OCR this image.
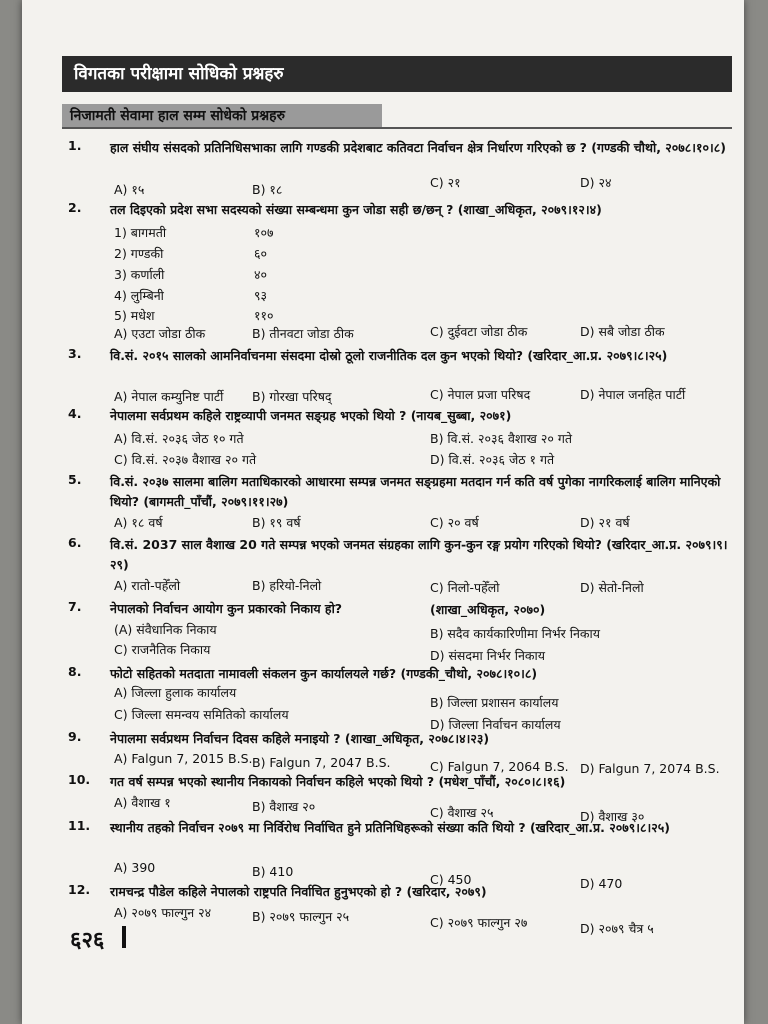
विगतका परीक्षामा सोधिको प्रश्नहरु
निजामती सेवामा हाल सम्म सोधेको प्रश्नहरु
1. हाल संघीय संसदको प्रतिनिधिसभाका लागि गण्डकी प्रदेशबाट कतिवटा निर्वाचन क्षेत्र निर्धारण गरिएको छ ? (गण्डकी चौथो, २०७८।१०।८)
A) १५	B) १८	C) २१	D) २४
2. तल दिइएको प्रदेश सभा सदस्यको संख्या सम्बन्धमा कुन जोडा सही छ/छन् ? (शाखा_अधिकृत, २०७९।१२।४)
1) बागमती	१०७
2) गण्डकी	६०
3) कर्णाली	४०
4) लुम्बिनी	९३
5) मधेश	११०
A) एउटा जोडा ठीक	B) तीनवटा जोडा ठीक	C) दुईवटा जोडा ठीक	D) सबै जोडा ठीक
3. वि.सं. २०१५ सालको आमनिर्वाचनमा संसदमा दोस्रो ठूलो राजनीतिक दल कुन भएको थियो? (खरिदार_आ.प्र. २०७९।८।२५)
A) नेपाल कम्युनिष्ट पार्टी B) गोरखा परिषद्	C) नेपाल प्रजा परिषद	D) नेपाल जनहित पार्टी
4. नेपालमा सर्वप्रथम कहिले राष्ट्रव्यापी जनमत सङ्ग्रह भएको थियो ? (नायब_सुब्बा, २०७१)
A) वि.सं. २०३६ जेठ १० गते	B) वि.सं. २०३६ वैशाख २० गते
C) वि.सं. २०३७ वैशाख २० गते	D) वि.सं. २०३६ जेठ १ गते
5. वि.सं. २०३७ सालमा बालिग मताधिकारको आधारमा सम्पन्न जनमत सङ्ग्रहमा मतदान गर्न कति वर्ष पुगेका नागरिकलाई बालिग मानिएको थियो? (बागमती_पाँचौं, २०७९।११।२७)
A) १८ वर्ष	B) १९ वर्ष	C) २० वर्ष	D) २१ वर्ष
6. वि.सं. 2037 साल वैशाख 20 गते सम्पन्न भएको जनमत संग्रहका लागि कुन-कुन रङ्ग प्रयोग गरिएको थियो? (खरिदार_आ.प्र. २०७९।९।२९)
A) रातो-पहेँलो	B) हरियो-निलो	C) निलो-पहेँलो	D) सेतो-निलो
7. नेपालको निर्वाचन आयोग कुन प्रकारको निकाय हो?	(शाखा_अधिकृत, २०७०)
(A) संवैधानिक निकाय	B) सदैव कार्यकारिणीमा निर्भर निकाय
C) राजनैतिक निकाय	D) संसदमा निर्भर निकाय
8. फोटो सहितको मतदाता नामावली संकलन कुन कार्यालयले गर्छ? (गण्डकी_चौथो, २०७८।१०।८)
A) जिल्ला हुलाक कार्यालय
B) जिल्ला प्रशासन कार्यालय
C) जिल्ला समन्वय समितिको कार्यालय
D) जिल्ला निर्वाचन कार्यालय
9. नेपालमा सर्वप्रथम निर्वाचन दिवस कहिले मनाइयो ? (शाखा_अधिकृत, २०७८।४।२३)
A) Falgun 7, 2015 B.S. B) Falgun 7, 2047 B.S.	C) Falgun 7, 2064 B.S. D) Falgun 7, 2074 B.S.
10. गत वर्ष सम्पन्न भएको स्थानीय निकायको निर्वाचन कहिले भएको थियो ? (मधेश_पाँचौं, २०८०।८।१६)
A) वैशाख १	B) वैशाख २०	C) वैशाख २५	D) वैशाख ३०
11. स्थानीय तहको निर्वाचन २०७९ मा निर्विरोध निर्वाचित हुने प्रतिनिधिहरूको संख्या कति थियो ? (खरिदार_आ.प्र. २०७९।८।२५)
A) 390	B) 410
C) 450	D) 470
12. रामचन्द्र पौडेल कहिले नेपालको राष्ट्रपति निर्वाचित हुनुभएको हो ? (खरिदार, २०७९)
A) २०७९ फाल्गुन २४	B) २०७९ फाल्गुन २५	C) २०७९ फाल्गुन २७	D) २०७९ चैत्र ५
६२६
